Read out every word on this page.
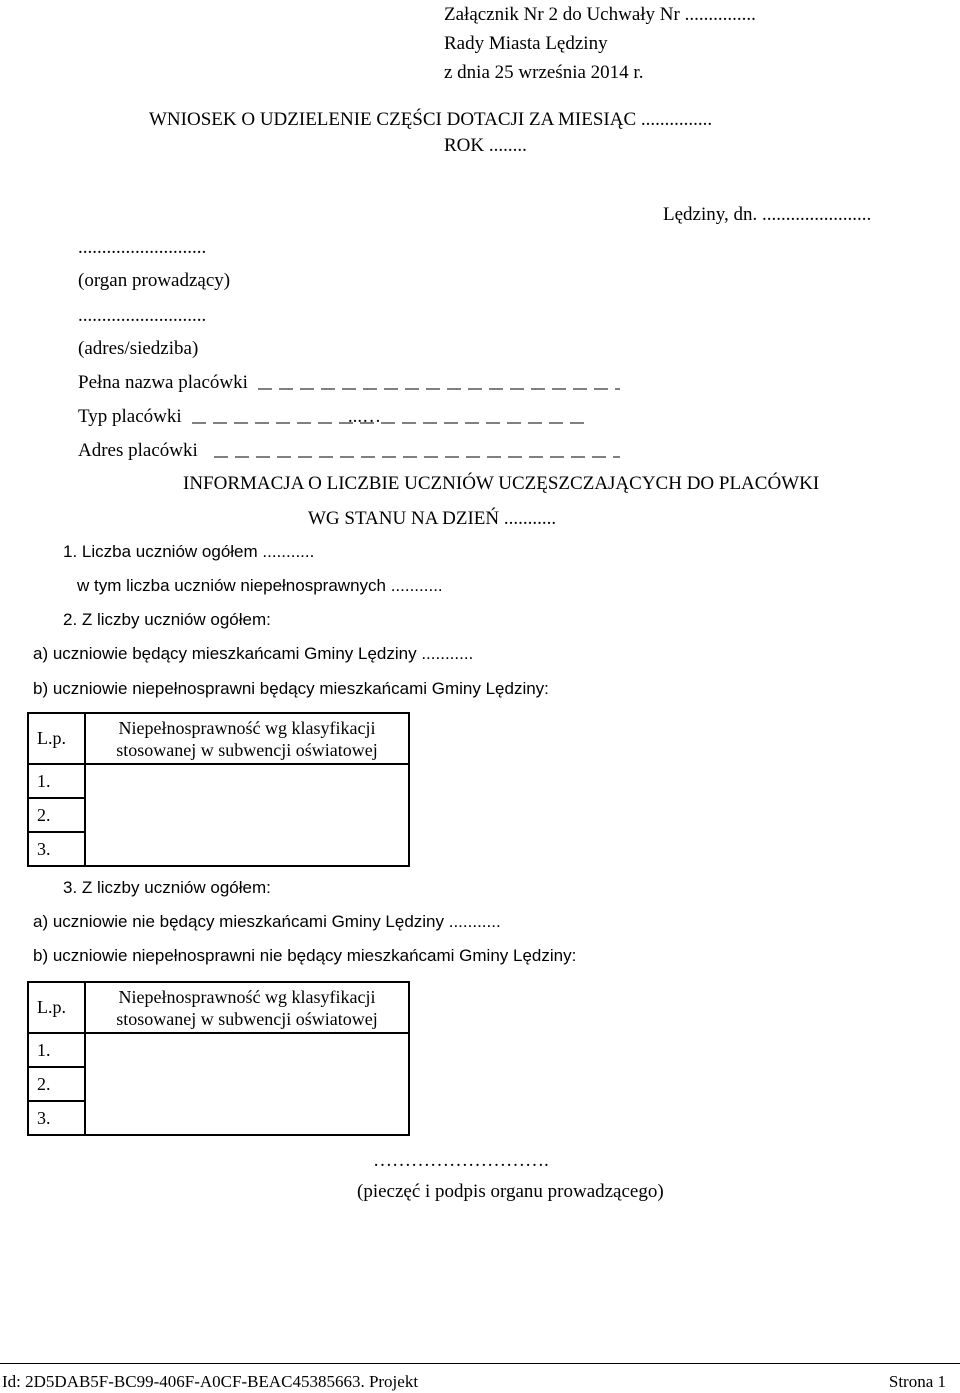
Załącznik Nr 2 do Uchwały Nr ...............
Rady Miasta Lędziny
z dnia 25 września 2014 r.
WNIOSEK O UDZIELENIE CZĘŚCI DOTACJI ZA MIESIĄC ...............
ROK ........
Lędziny, dn. .......................
...........................
(organ prowadzący)
...........................
(adres/siedziba)
Pełna nazwa placówki
Typ placówki                                   ...…
Adres placówki
INFORMACJA O LICZBIE UCZNIÓW UCZĘSZCZAJĄCYCH DO PLACÓWKI
WG STANU NA DZIEŃ ...........
1. Liczba uczniów ogółem ...........
w tym liczba uczniów niepełnosprawnych ...........
2. Z liczby uczniów ogółem:
a) uczniowie będący mieszkańcami Gminy Lędziny ...........
b) uczniowie niepełnosprawni będący mieszkańcami Gminy Lędziny:
L.p.	Niepełnosprawność wg klasyfikacji stosowanej w subwencji oświatowej
1.	
2.	
3.	
3. Z liczby uczniów ogółem:
a) uczniowie nie będący mieszkańcami Gminy Lędziny ...........
b) uczniowie niepełnosprawni nie będący mieszkańcami Gminy Lędziny:
L.p.	Niepełnosprawność wg klasyfikacji stosowanej w subwencji oświatowej
1.	
2.	
3.	
……………………….
(pieczęć i podpis organu prowadzącego)
Id: 2D5DAB5F-BC99-406F-A0CF-BEAC45385663. Projekt	Strona 1
